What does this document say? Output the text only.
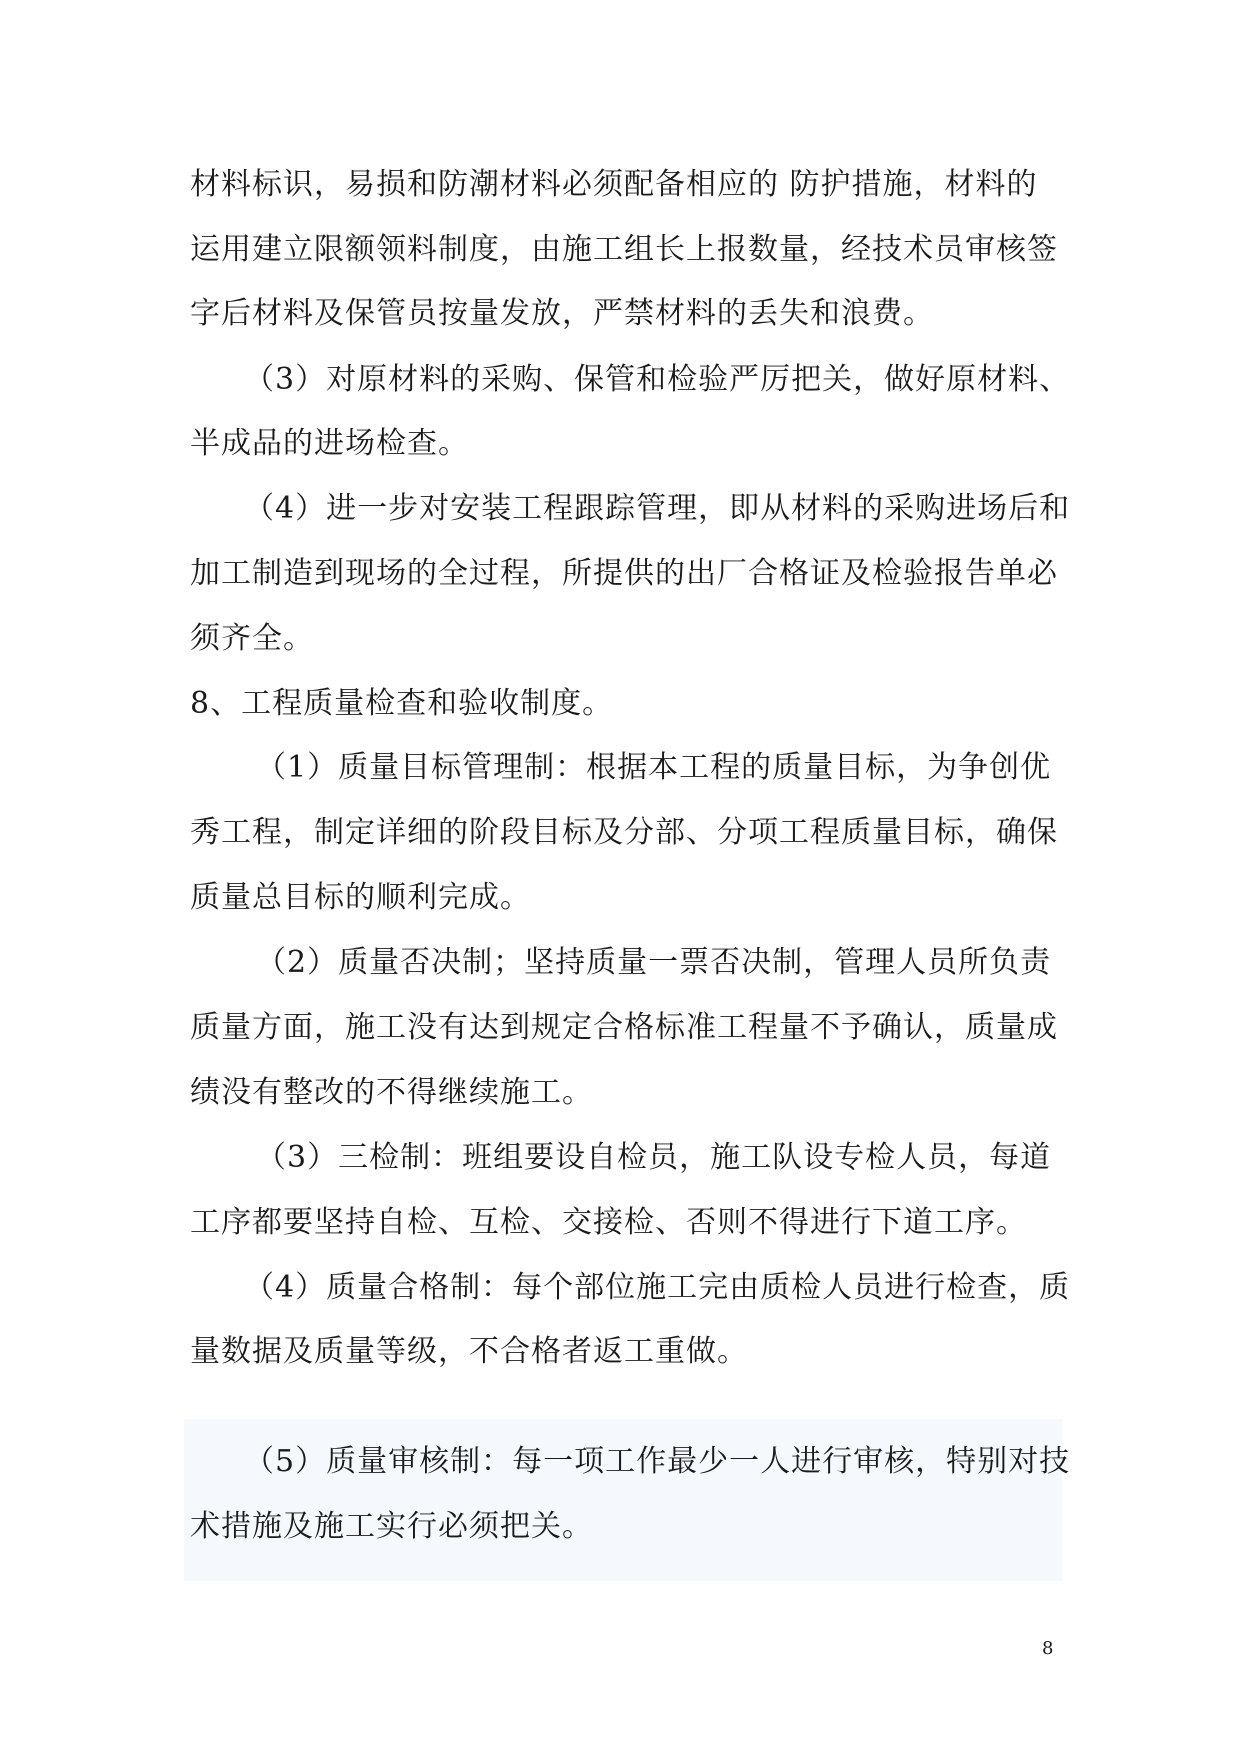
材料标识，易损和防潮材料必须配备相应的 防护措施，材料的
运用建立限额领料制度，由施工组长上报数量，经技术员审核签
字后材料及保管员按量发放，严禁材料的丢失和浪费。
（3）对原材料的采购、保管和检验严厉把关，做好原材料、
半成品的进场检查。
（4）进一步对安装工程跟踪管理，即从材料的采购进场后和
加工制造到现场的全过程，所提供的出厂合格证及检验报告单必
须齐全。
8、工程质量检查和验收制度。
（1）质量目标管理制：根据本工程的质量目标，为争创优
秀工程，制定详细的阶段目标及分部、分项工程质量目标，确保
质量总目标的顺利完成。
（2）质量否决制；坚持质量一票否决制，管理人员所负责
质量方面，施工没有达到规定合格标准工程量不予确认，质量成
绩没有整改的不得继续施工。
（3）三检制：班组要设自检员，施工队设专检人员，每道
工序都要坚持自检、互检、交接检、否则不得进行下道工序。
（4）质量合格制：每个部位施工完由质检人员进行检查，质
量数据及质量等级，不合格者返工重做。
（5）质量审核制：每一项工作最少一人进行审核，特别对技
术措施及施工实行必须把关。
8
